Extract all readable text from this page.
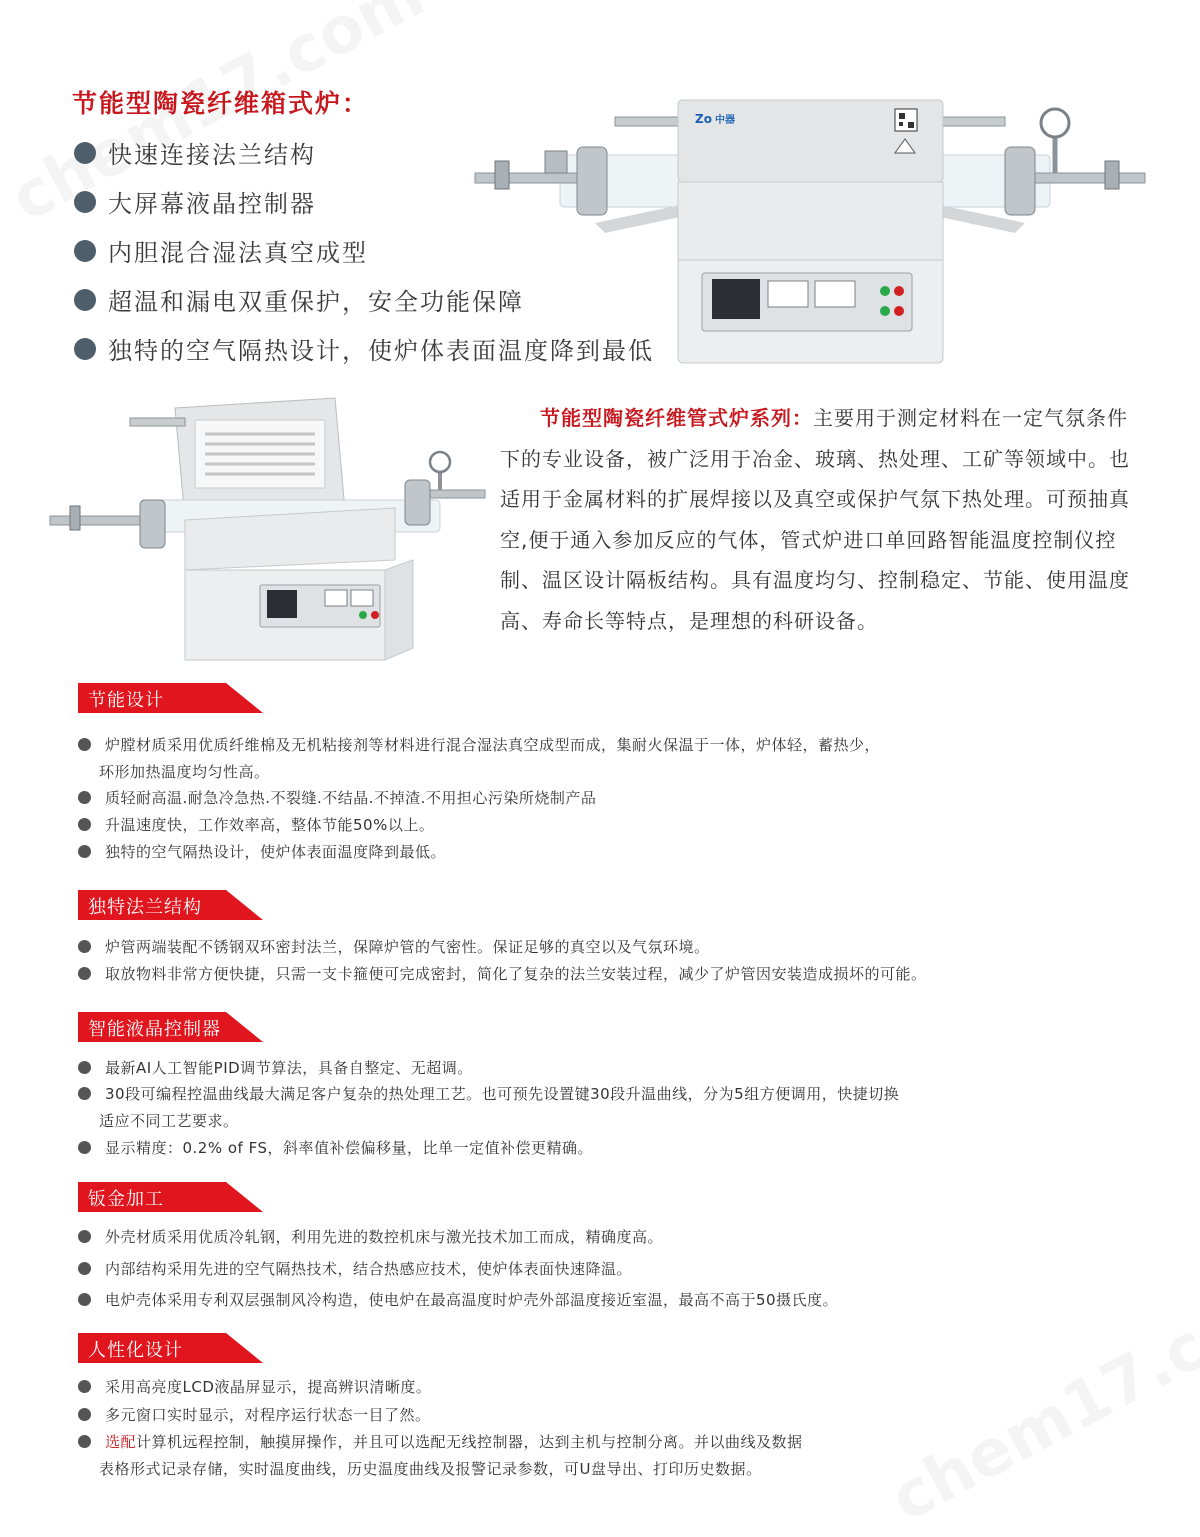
节能型陶瓷纤维箱式炉：
快速连接法兰结构
大屏幕液晶控制器
内胆混合湿法真空成型
超温和漏电双重保护，安全功能保障
独特的空气隔热设计，使炉体表面温度降到最低
Zo 中器
节能型陶瓷纤维管式炉系列：主要用于测定材料在一定气氛条件下的专业设备，被广泛用于冶金、玻璃、热处理、工矿等领域中。也适用于金属材料的扩展焊接以及真空或保护气氛下热处理。可预抽真空,便于通入参加反应的气体，管式炉进口单回路智能温度控制仪控制、温区设计隔板结构。具有温度均匀、控制稳定、节能、使用温度高、寿命长等特点，是理想的科研设备。
节能设计
炉膛材质采用优质纤维棉及无机粘接剂等材料进行混合湿法真空成型而成，集耐火保温于一体，炉体轻，蓄热少，
环形加热温度均匀性高。
质轻耐高温.耐急冷急热.不裂缝.不结晶.不掉渣.不用担心污染所烧制产品
升温速度快，工作效率高，整体节能50%以上。
独特的空气隔热设计，使炉体表面温度降到最低。
独特法兰结构
炉管两端装配不锈钢双环密封法兰，保障炉管的气密性。保证足够的真空以及气氛环境。
取放物料非常方便快捷，只需一支卡箍便可完成密封，简化了复杂的法兰安装过程，减少了炉管因安装造成损坏的可能。
智能液晶控制器
最新AI人工智能PID调节算法，具备自整定、无超调。
30段可编程控温曲线最大满足客户复杂的热处理工艺。也可预先设置键30段升温曲线，分为5组方便调用，快捷切换
适应不同工艺要求。
显示精度：0.2% of FS，斜率值补偿偏移量，比单一定值补偿更精确。
钣金加工
外壳材质采用优质冷轧钢，利用先进的数控机床与激光技术加工而成，精确度高。
内部结构采用先进的空气隔热技术，结合热感应技术，使炉体表面快速降温。
电炉壳体采用专利双层强制风冷构造，使电炉在最高温度时炉壳外部温度接近室温，最高不高于50摄氏度。
人性化设计
采用高亮度LCD液晶屏显示，提高辨识清晰度。
多元窗口实时显示，对程序运行状态一目了然。
选配计算机远程控制，触摸屏操作，并且可以选配无线控制器，达到主机与控制分离。并以曲线及数据
表格形式记录存储，实时温度曲线，历史温度曲线及报警记录参数，可U盘导出、打印历史数据。
